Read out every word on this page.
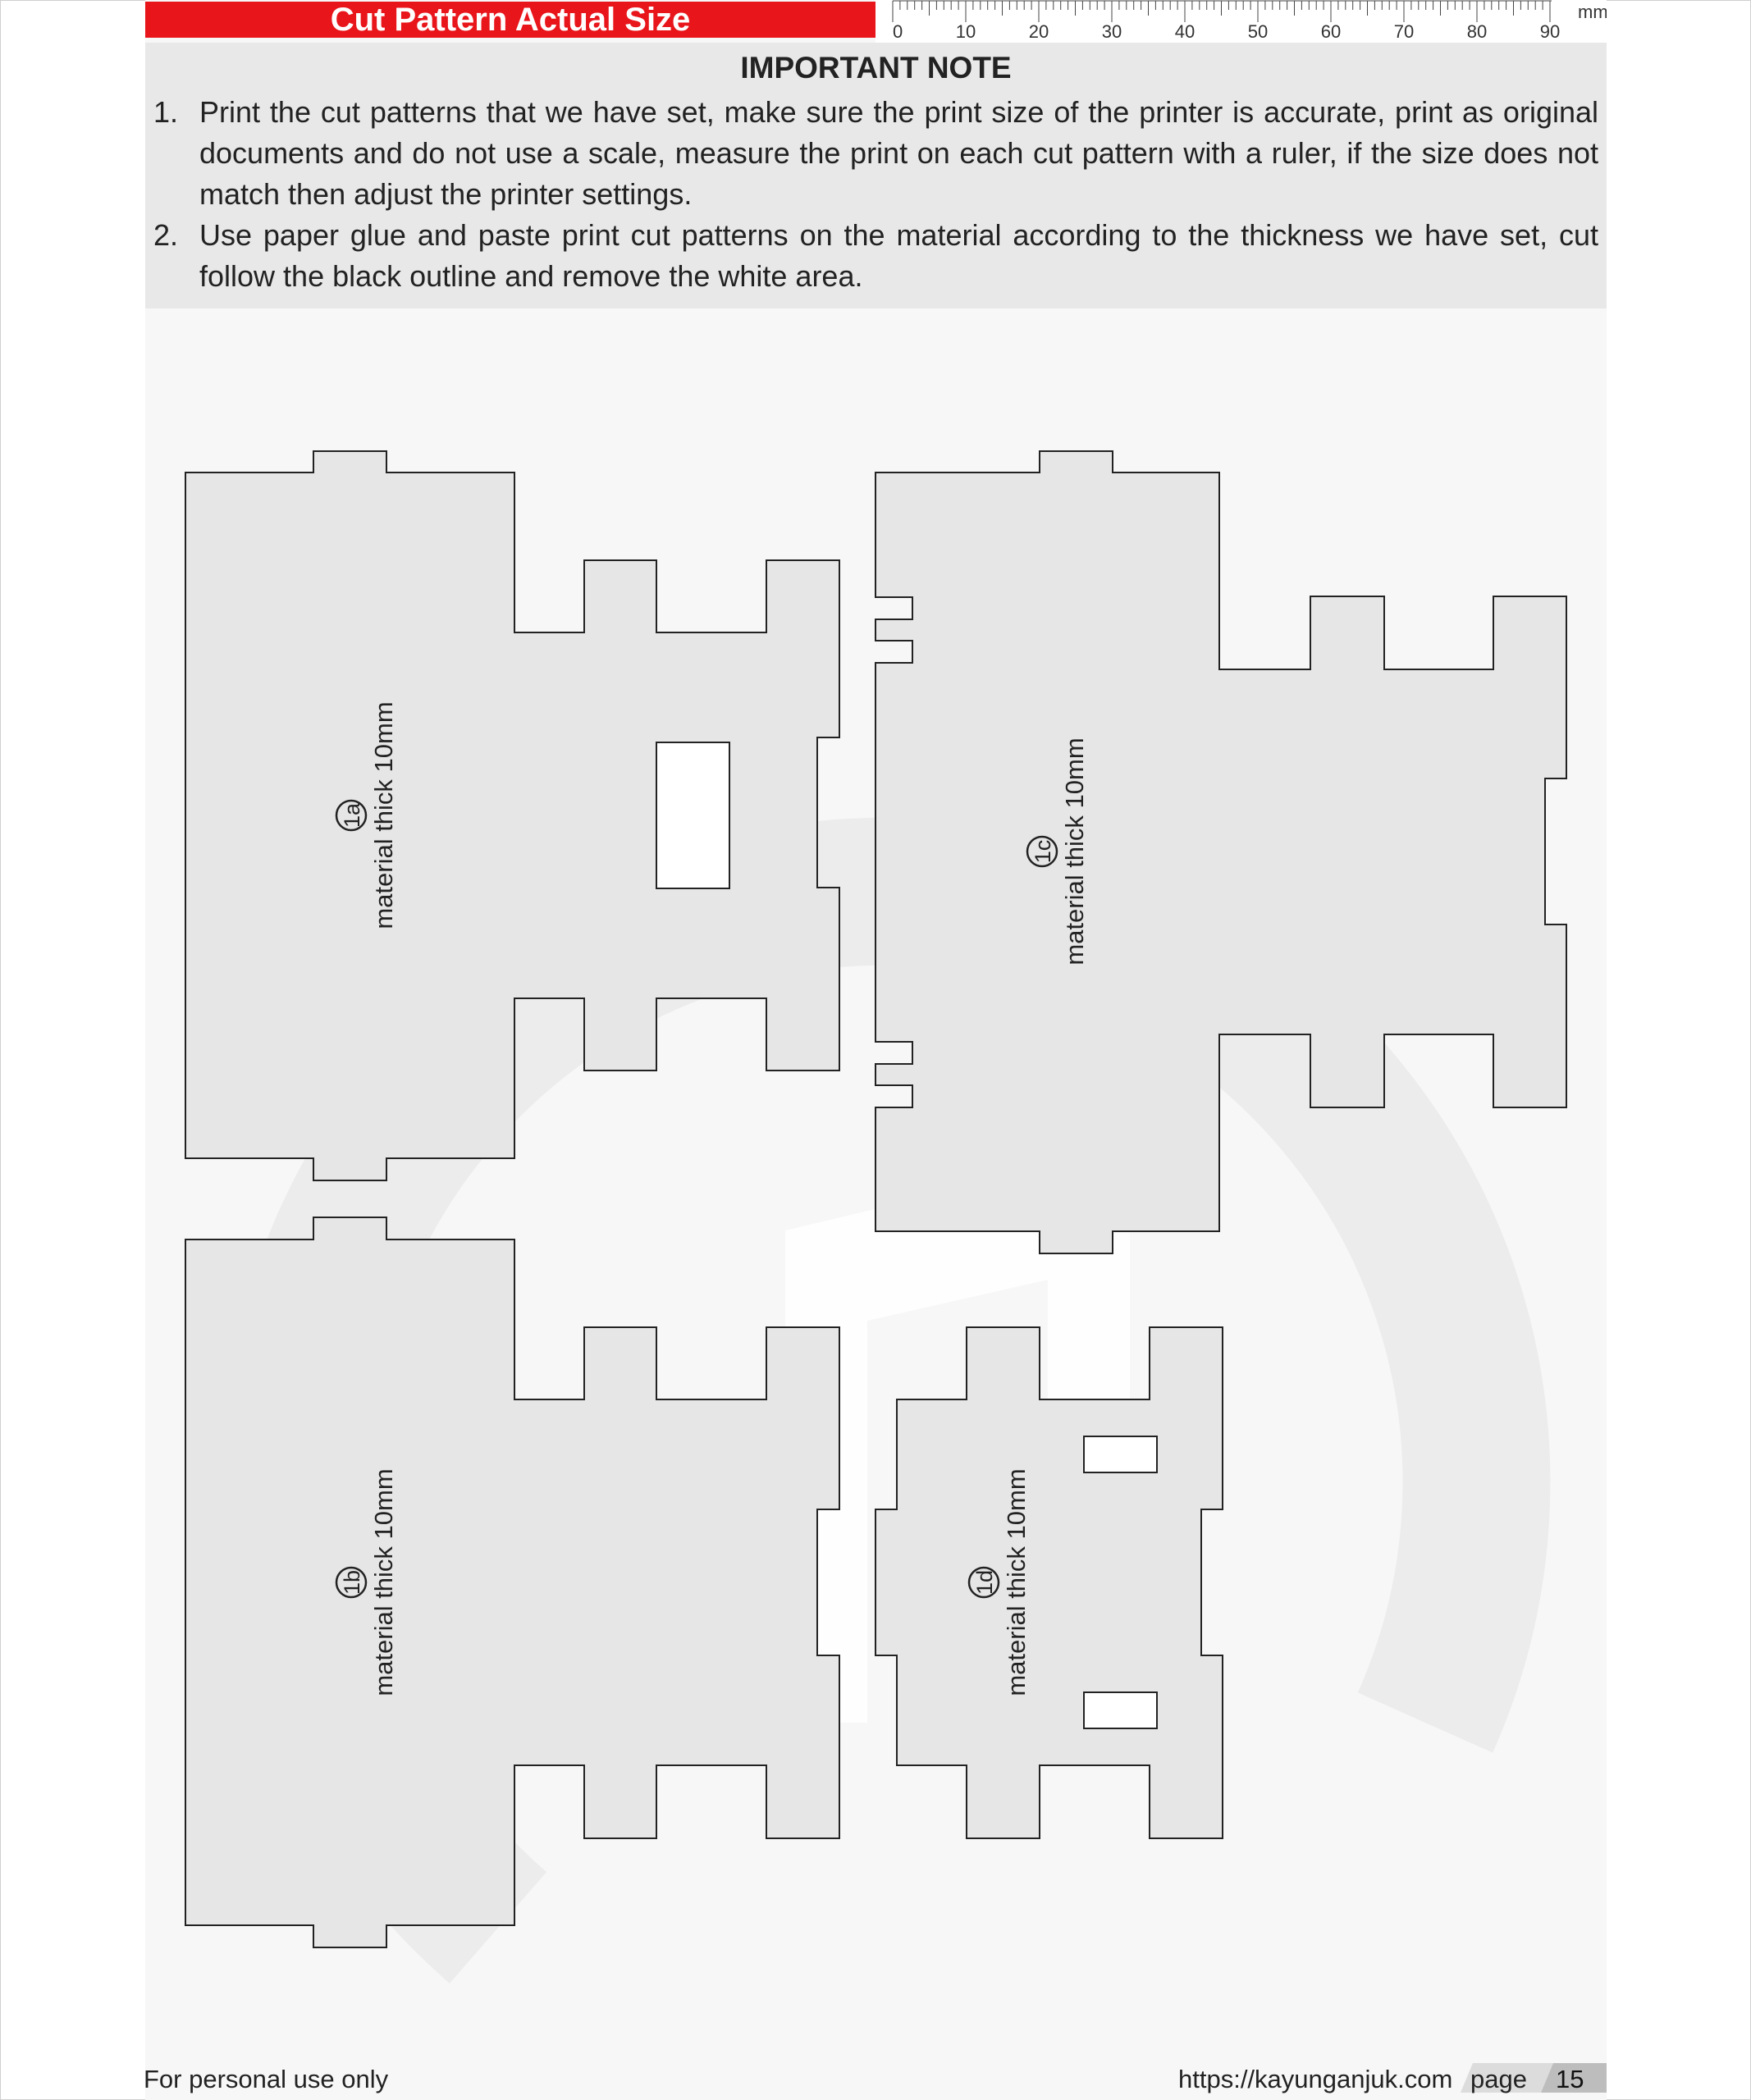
Cut Pattern Actual Size	0	10	20	30	40	50	60	70	80	90
mm
IMPORTANT NOTE
1. Print the cut patterns that we have set, make sure the print size of the printer is accurate, print as original documents and do not use a scale, measure the print on each cut pattern with a ruler, if the size does not match then adjust the printer settings.
2. Use paper glue and paste print cut patterns on the material according to the thickness we have set, cut follow the black outline and remove the white area.
1a material thick 10mm	1c material thick 10mm
1b material thick 10mm	1d material thick 10mm
For personal use only	https://kayunganjuk.com page 15
